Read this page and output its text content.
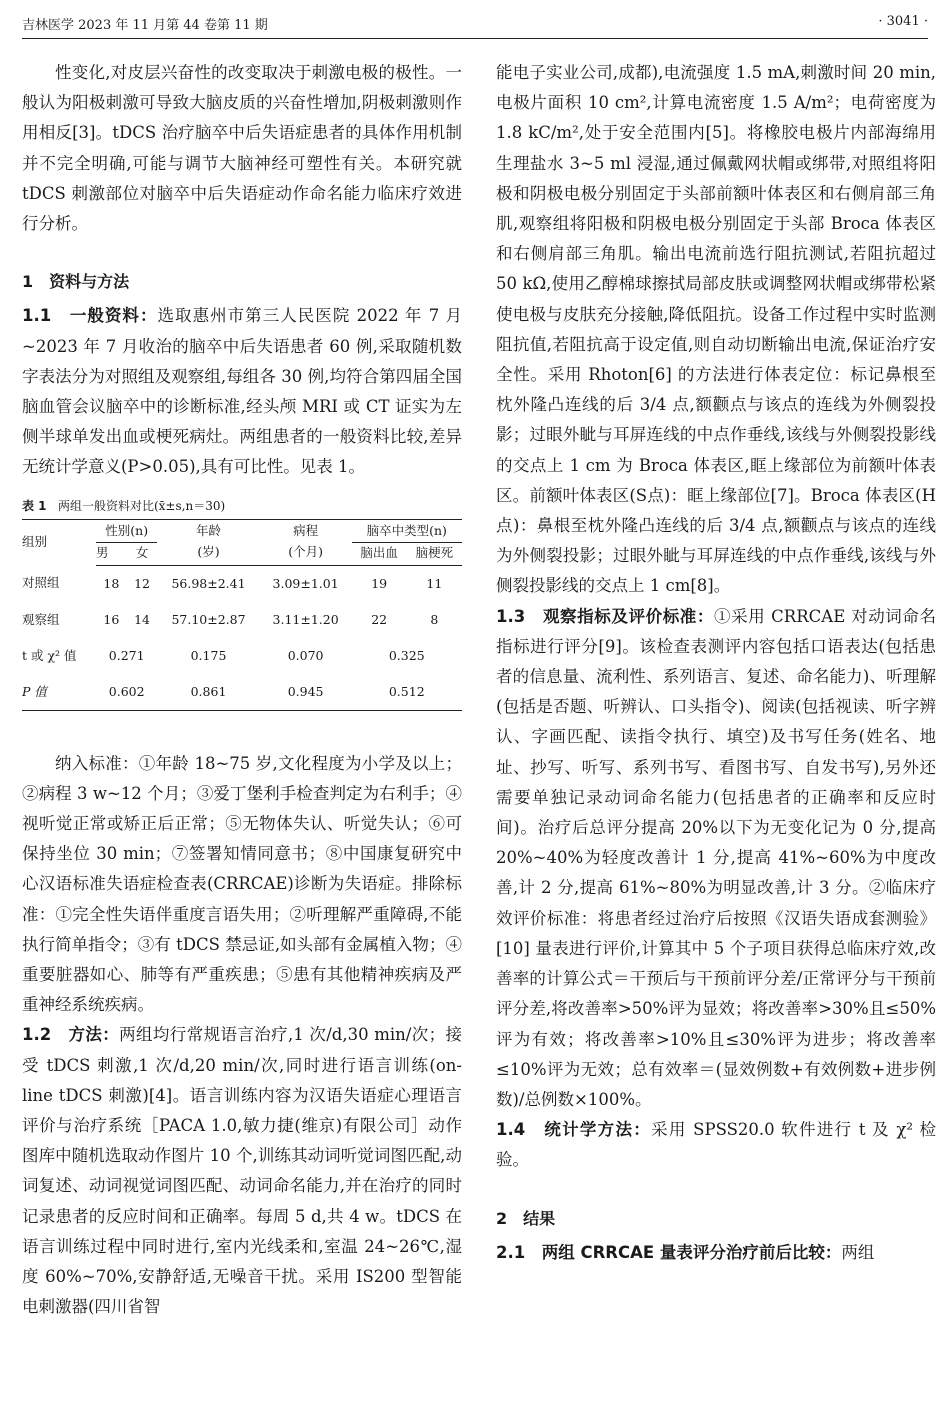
吉林医学 2023 年 11 月第 44 卷第 11 期	· 3041 ·

性变化,对皮层兴奋性的改变取决于刺激电极的极性。一般认为阳极刺激可导致大脑皮质的兴奋性增加,阴极刺激则作用相反[3]。tDCS 治疗脑卒中后失语症患者的具体作用机制并不完全明确,可能与调节大脑神经可塑性有关。本研究就 tDCS 刺激部位对脑卒中后失语症动作命名能力临床疗效进行分析。

1　资料与方法

1.1　一般资料：选取惠州市第三人民医院 2022 年 7 月~2023 年 7 月收治的脑卒中后失语患者 60 例,采取随机数字表法分为对照组及观察组,每组各 30 例,均符合第四届全国脑血管会议脑卒中的诊断标准,经头颅 MRI 或 CT 证实为左侧半球单发出血或梗死病灶。两组患者的一般资料比较,差异无统计学意义(P>0.05),具有可比性。见表 1。

表 1 两组一般资料对比(x̄±s,n＝30)
组别	性别(n)		年龄	病程	脑卒中类型(n)	
	男	女	(岁)	(个月)	脑出血	脑梗死
对照组	18	12	56.98±2.41	3.09±1.01	19	11
观察组	16	14	57.10±2.87	3.11±1.20	22	8
t 或 χ² 值	0.271		0.175	0.070	0.325	
P 值	0.602		0.861	0.945	0.512	

纳入标准：①年龄 18~75 岁,文化程度为小学及以上；②病程 3 w~12 个月；③爱丁堡利手检查判定为右利手；④视听觉正常或矫正后正常；⑤无物体失认、听觉失认；⑥可保持坐位 30 min；⑦签署知情同意书；⑧中国康复研究中心汉语标准失语症检查表(CRRCAE)诊断为失语症。排除标准：①完全性失语伴重度言语失用；②听理解严重障碍,不能执行简单指令；③有 tDCS 禁忌证,如头部有金属植入物；④重要脏器如心、肺等有严重疾患；⑤患有其他精神疾病及严重神经系统疾病。

1.2　方法：两组均行常规语言治疗,1 次/d,30 min/次；接受 tDCS 刺激,1 次/d,20 min/次,同时进行语言训练(on-line tDCS 刺激)[4]。语言训练内容为汉语失语症心理语言评价与治疗系统［PACA 1.0,敏力捷(维京)有限公司］动作图库中随机选取动作图片 10 个,训练其动词听觉词图匹配,动词复述、动词视觉词图匹配、动词命名能力,并在治疗的同时记录患者的反应时间和正确率。每周 5 d,共 4 w。tDCS 在语言训练过程中同时进行,室内光线柔和,室温 24~26℃,湿度 60%~70%,安静舒适,无噪音干扰。采用 IS200 型智能电刺激器(四川省智

能电子实业公司,成都),电流强度 1.5 mA,刺激时间 20 min,电极片面积 10 cm²,计算电流密度 1.5 A/m²；电荷密度为 1.8 kC/m²,处于安全范围内[5]。将橡胶电极片内部海绵用生理盐水 3~5 ml 浸湿,通过佩戴网状帽或绑带,对照组将阳极和阴极电极分别固定于头部前额叶体表区和右侧肩部三角肌,观察组将阳极和阴极电极分别固定于头部 Broca 体表区和右侧肩部三角肌。输出电流前选行阻抗测试,若阻抗超过 50 kΩ,使用乙醇棉球擦拭局部皮肤或调整网状帽或绑带松紧使电极与皮肤充分接触,降低阻抗。设备工作过程中实时监测阻抗值,若阻抗高于设定值,则自动切断输出电流,保证治疗安全性。采用 Rhoton[6] 的方法进行体表定位：标记鼻根至枕外隆凸连线的后 3/4 点,额颧点与该点的连线为外侧裂投影；过眼外眦与耳屏连线的中点作垂线,该线与外侧裂投影线的交点上 1 cm 为 Broca 体表区,眶上缘部位为前额叶体表区。前额叶体表区(S点)：眶上缘部位[7]。Broca 体表区(H 点)：鼻根至枕外隆凸连线的后 3/4 点,额颧点与该点的连线为外侧裂投影；过眼外眦与耳屏连线的中点作垂线,该线与外侧裂投影线的交点上 1 cm[8]。

1.3　观察指标及评价标准：①采用 CRRCAE 对动词命名指标进行评分[9]。该检查表测评内容包括口语表达(包括患者的信息量、流利性、系列语言、复述、命名能力)、听理解(包括是否题、听辨认、口头指令)、阅读(包括视读、听字辨认、字画匹配、读指令执行、填空)及书写任务(姓名、地址、抄写、听写、系列书写、看图书写、自发书写),另外还需要单独记录动词命名能力(包括患者的正确率和反应时间)。治疗后总评分提高 20%以下为无变化记为 0 分,提高 20%~40%为轻度改善计 1 分,提高 41%~60%为中度改善,计 2 分,提高 61%~80%为明显改善,计 3 分。②临床疗效评价标准：将患者经过治疗后按照《汉语失语成套测验》[10] 量表进行评价,计算其中 5 个子项目获得总临床疗效,改善率的计算公式＝干预后与干预前评分差/正常评分与干预前评分差,将改善率>50%评为显效；将改善率>30%且≤50%评为有效；将改善率>10%且≤30%评为进步；将改善率≤10%评为无效；总有效率＝(显效例数+有效例数+进步例数)/总例数×100%。

1.4　统计学方法：采用 SPSS20.0 软件进行 t 及 χ² 检验。

2　结果

2.1　两组 CRRCAE 量表评分治疗前后比较：两组
